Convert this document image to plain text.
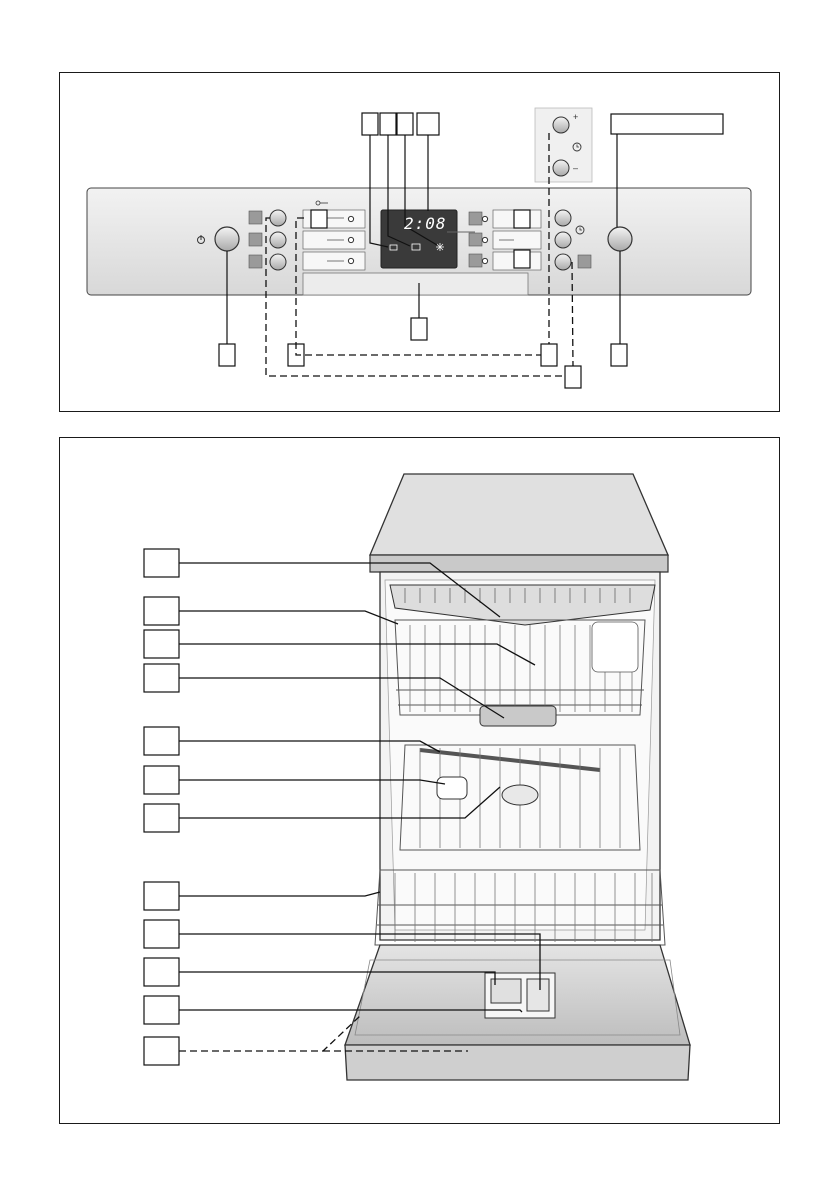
2:08
+
–
